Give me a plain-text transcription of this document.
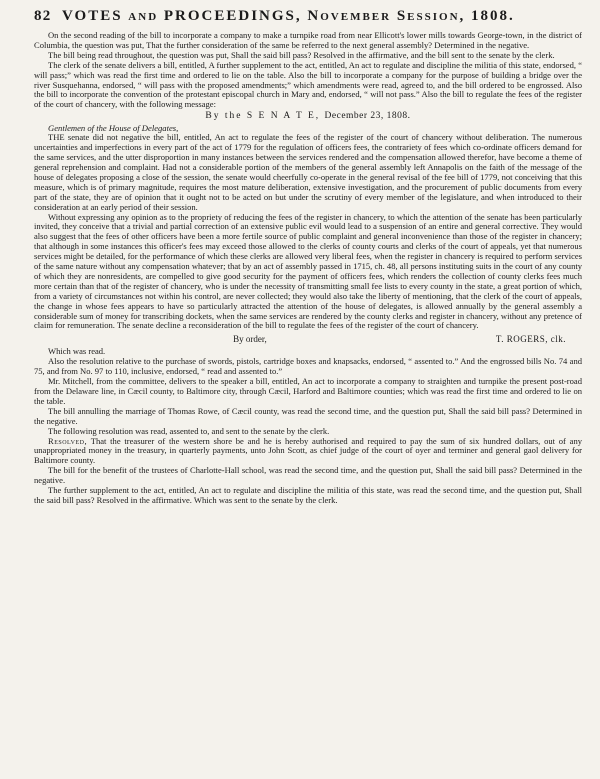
82 VOTES and PROCEEDINGS, November Session, 1808.

On the second reading of the bill to incorporate a company to make a turnpike road from near Ellicott's lower mills towards George-town, in the district of Columbia, the question was put, That the further consideration of the same be referred to the next general assembly? Determined in the negative.

The bill being read throughout, the question was put, Shall the said bill pass? Resolved in the affirmative, and the bill sent to the senate by the clerk.

The clerk of the senate delivers a bill, entitled, A further supplement to the act, entitled, An act to regulate and discipline the militia of this state, endorsed, “ will pass;” which was read the first time and ordered to lie on the table. Also the bill to incorporate a company for the purpose of building a bridge over the river Susquehanna, endorsed, “ will pass with the proposed amendments;” which amendments were read, agreed to, and the bill ordered to be engrossed. Also the bill to incorporate the convention of the protestant episcopal church in Mary and, endorsed, “ will not pass.” Also the bill to regulate the fees of the register of the court of chancery, with the following message:

By the S E N A T E, December 23, 1808.

Gentlemen of the House of Delegates,

THE senate did not negative the bill, entitled, An act to regulate the fees of the register of the court of chancery without deliberation. The numerous uncertainties and imperfections in every part of the act of 1779 for the regulation of officers fees, the contrariety of fees which co-ordinate officers demand for the same services, and the utter disproportion in many instances between the services rendered and the compensation allowed therefor, have become a theme of general reprehension and complaint. Had not a considerable portion of the members of the general assembly left Annapolis on the faith of the message of the house of delegates proposing a close of the session, the senate would cheerfully co-operate in the general revisal of the fee bill of 1779, not conceiving that this measure, which is of primary magnitude, requires the most mature deliberation, extensive investigation, and the procurement of public documents from every part of the state, they are of opinion that it ought not to be acted on but under the scrutiny of every member of the legislature, and when introduced to their consideration at an early period of their session.

Without expressing any opinion as to the propriety of reducing the fees of the register in chancery, to which the attention of the senate has been particularly invited, they conceive that a trivial and partial correction of an extensive public evil would lead to a suspension of an entire and general corrective. They would also suggest that the fees of other officers have been a more fertile source of public complaint and general inconvenience than those of the register in chancery; that although in some instances this officer's fees may exceed those allowed to the clerks of county courts and clerks of the court of appeals, yet that numerous services might be detailed, for the performance of which these clerks are allowed very liberal fees, when the register in chancery is required to perform services of the same nature without any compensation whatever; that by an act of assembly passed in 1715, ch. 48, all persons instituting suits in the court of any county of which they are nonresidents, are compelled to give good security for the payment of officers fees, which renders the collection of county clerks fees much more certain than that of the register of chancery, who is under the necessity of transmitting small fee lists to every county in the state, a great portion of which, from a variety of circumstances not within his control, are never collected; they would also take the liberty of mentioning, that the clerk of the court of appeals, the change in whose fees appears to have so particularly attracted the attention of the house of delegates, is allowed annually by the general assembly a considerable sum of money for transcribing dockets, when the same services are rendered by the county clerks and register in chancery, without any pretence of claim for remuneration. The senate decline a reconsideration of the bill to regulate the fees of the register of the court of chancery.

By order,	T. ROGERS, clk.

Which was read.

Also the resolution relative to the purchase of swords, pistols, cartridge boxes and knapsacks, endorsed, “ assented to.” And the engrossed bills No. 74 and 75, and from No. 97 to 110, inclusive, endorsed, “ read and assented to.”

Mr. Mitchell, from the committee, delivers to the speaker a bill, entitled, An act to incorporate a company to straighten and turnpike the present post-road from the Delaware line, in Cæcil county, to Baltimore city, through Cæcil, Harford and Baltimore counties; which was read the first time and ordered to lie on the table.

The bill annulling the marriage of Thomas Rowe, of Cæcil county, was read the second time, and the question put, Shall the said bill pass? Determined in the negative.

The following resolution was read, assented to, and sent to the senate by the clerk.

Resolved, That the treasurer of the western shore be and he is hereby authorised and required to pay the sum of six hundred dollars, out of any unappropriated money in the treasury, in quarterly payments, unto John Scott, as chief judge of the court of oyer and terminer and general gaol delivery for Baltimore county.

The bill for the benefit of the trustees of Charlotte-Hall school, was read the second time, and the question put, Shall the said bill pass? Determined in the negative.

The further supplement to the act, entitled, An act to regulate and discipline the militia of this state, was read the second time, and the question put, Shall the said bill pass? Resolved in the affirmative. Which was sent to the senate by the clerk.
